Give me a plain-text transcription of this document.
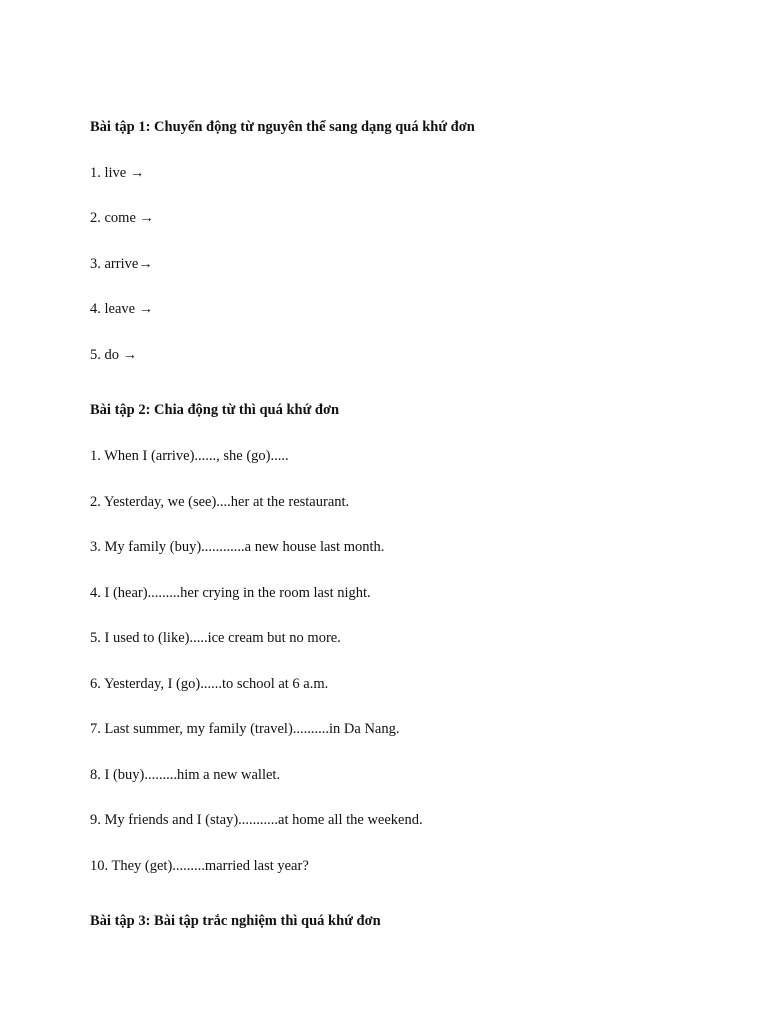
Bài tập 1: Chuyển động từ nguyên thể sang dạng quá khứ đơn
1. live →
2. come →
3. arrive→
4. leave →
5. do →
Bài tập 2: Chia động từ thì quá khứ đơn
1. When I (arrive)......, she (go).....
2. Yesterday, we (see)....her at the restaurant.
3. My family (buy)............a new house last month.
4. I (hear).........her crying in the room last night.
5. I used to (like).....ice cream but no more.
6. Yesterday, I (go)......to school at 6 a.m.
7. Last summer, my family (travel)..........in Da Nang.
8. I (buy).........him a new wallet.
9. My friends and I (stay)...........at home all the weekend.
10. They (get).........married last year?
Bài tập 3: Bài tập trắc nghiệm thì quá khứ đơn
